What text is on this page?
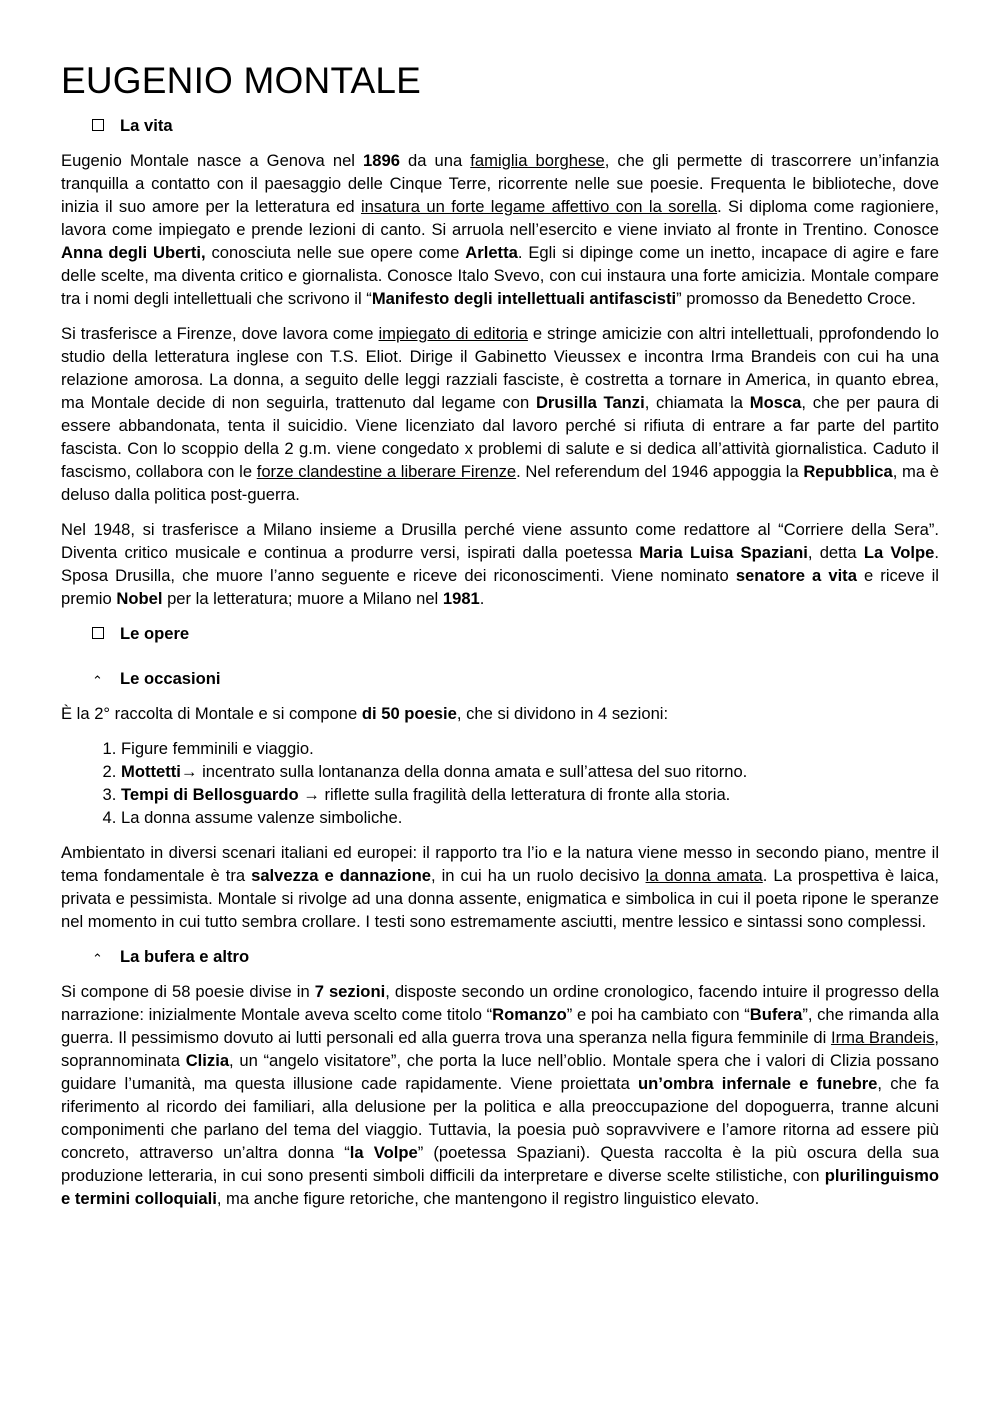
EUGENIO MONTALE
La vita

Eugenio Montale nasce a Genova nel 1896 da una famiglia borghese, che gli permette di trascorrere un’infanzia tranquilla a contatto con il paesaggio delle Cinque Terre, ricorrente nelle sue poesie. Frequenta le biblioteche, dove inizia il suo amore per la letteratura ed insatura un forte legame affettivo con la sorella. Si diploma come ragioniere, lavora come impiegato e prende lezioni di canto. Si arruola nell’esercito e viene inviato al fronte in Trentino. Conosce Anna degli Uberti, conosciuta nelle sue opere come Arletta. Egli si dipinge come un inetto, incapace di agire e fare delle scelte, ma diventa critico e giornalista. Conosce Italo Svevo, con cui instaura una forte amicizia. Montale compare tra i nomi degli intellettuali che scrivono il “Manifesto degli intellettuali antifascisti” promosso da Benedetto Croce.

Si trasferisce a Firenze, dove lavora come impiegato di editoria e stringe amicizie con altri intellettuali, pprofondendo lo studio della letteratura inglese con T.S. Eliot. Dirige il Gabinetto Vieussex e incontra Irma Brandeis con cui ha una relazione amorosa. La donna, a seguito delle leggi razziali fasciste, è costretta a tornare in America, in quanto ebrea, ma Montale decide di non seguirla, trattenuto dal legame con Drusilla Tanzi, chiamata la Mosca, che per paura di essere abbandonata, tenta il suicidio. Viene licenziato dal lavoro perché si rifiuta di entrare a far parte del partito fascista. Con lo scoppio della 2 g.m. viene congedato x problemi di salute e si dedica all’attività giornalistica. Caduto il fascismo, collabora con le forze clandestine a liberare Firenze. Nel referendum del 1946 appoggia la Repubblica, ma è deluso dalla politica post-guerra.

Nel 1948, si trasferisce a Milano insieme a Drusilla perché viene assunto come redattore al “Corriere della Sera”. Diventa critico musicale e continua a produrre versi, ispirati dalla poetessa Maria Luisa Spaziani, detta La Volpe. Sposa Drusilla, che muore l’anno seguente e riceve dei riconoscimenti. Viene nominato senatore a vita e riceve il premio Nobel per la letteratura; muore a Milano nel 1981.

Le opere
⌃	Le occasioni

È la 2° raccolta di Montale e si compone di 50 poesie, che si dividono in 4 sezioni:

1. Figure femminili e viaggio.
2. Mottetti→ incentrato sulla lontananza della donna amata e sull’attesa del suo ritorno.
3. Tempi di Bellosguardo → riflette sulla fragilità della letteratura di fronte alla storia.
4. La donna assume valenze simboliche.

Ambientato in diversi scenari italiani ed europei: il rapporto tra l’io e la natura viene messo in secondo piano, mentre il tema fondamentale è tra salvezza e dannazione, in cui ha un ruolo decisivo la donna amata. La prospettiva è laica, privata e pessimista. Montale si rivolge ad una donna assente, enigmatica e simbolica in cui il poeta ripone le speranze nel momento in cui tutto sembra crollare. I testi sono estremamente asciutti, mentre lessico e sintassi sono complessi.

⌃	La bufera e altro

Si compone di 58 poesie divise in 7 sezioni, disposte secondo un ordine cronologico, facendo intuire il progresso della narrazione: inizialmente Montale aveva scelto come titolo “Romanzo” e poi ha cambiato con “Bufera”, che rimanda alla guerra. Il pessimismo dovuto ai lutti personali ed alla guerra trova una speranza nella figura femminile di Irma Brandeis, soprannominata Clizia, un “angelo visitatore”, che porta la luce nell’oblio. Montale spera che i valori di Clizia possano guidare l’umanità, ma questa illusione cade rapidamente. Viene proiettata un’ombra infernale e funebre, che fa riferimento al ricordo dei familiari, alla delusione per la politica e alla preoccupazione del dopoguerra, tranne alcuni componimenti che parlano del tema del viaggio. Tuttavia, la poesia può sopravvivere e l’amore ritorna ad essere più concreto, attraverso un’altra donna “la Volpe” (poetessa Spaziani). Questa raccolta è la più oscura della sua produzione letteraria, in cui sono presenti simboli difficili da interpretare e diverse scelte stilistiche, con plurilinguismo e termini colloquiali, ma anche figure retoriche, che mantengono il registro linguistico elevato.
